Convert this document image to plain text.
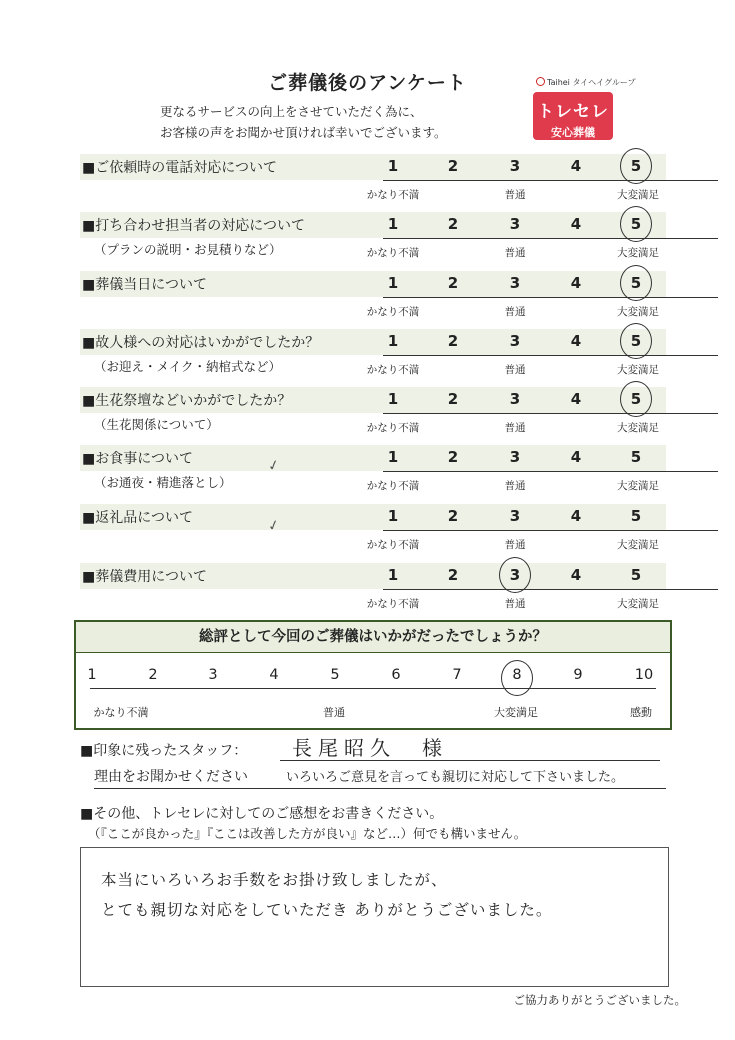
ご葬儀後のアンケート
更なるサービスの向上をさせていただく為に、
お客様の声をお聞かせ頂ければ幸いでございます。
Taihei タイヘイグループ
トレセレ
安心葬儀
■ご依頼時の電話対応について	1	2	3	4	5
かなり不満	普通	大変満足
■打ち合わせ担当者の対応について
（プランの説明・お見積りなど）
1	2	3	4	5
かなり不満	普通	大変満足
■葬儀当日について	1	2	3	4	5
かなり不満	普通	大変満足
■故人様への対応はいかがでしたか？
（お迎え・メイク・納棺式など）
1	2	3	4	5
かなり不満	普通	大変満足
■生花祭壇などいかがでしたか？
（生花関係について）
1	2	3	4	5
かなり不満	普通	大変満足
■お食事について
（お通夜・精進落とし）
1	2	3	4	5
かなり不満	普通	大変満足
■返礼品について	1	2	3	4	5
かなり不満	普通	大変満足
■葬儀費用について	1	2	3	4	5
かなり不満	普通	大変満足
✓
✓
総評として今回のご葬儀はいかがだったでしょうか？
1	2	3	4	5	6	7	8	9	10
かなり不満	普通	大変満足	感動
■印象に残ったスタッフ： 長尾昭久　様
理由をお聞かせください	いろいろご意見を言っても親切に対応して下さいました。
■その他、トレセレに対してのご感想をお書きください。
（『ここが良かった』『ここは改善した方が良い』など…）何でも構いません。
本当にいろいろお手数をお掛け致しましたが、
とても親切な対応をしていただき ありがとうございました。
ご協力ありがとうございました。
